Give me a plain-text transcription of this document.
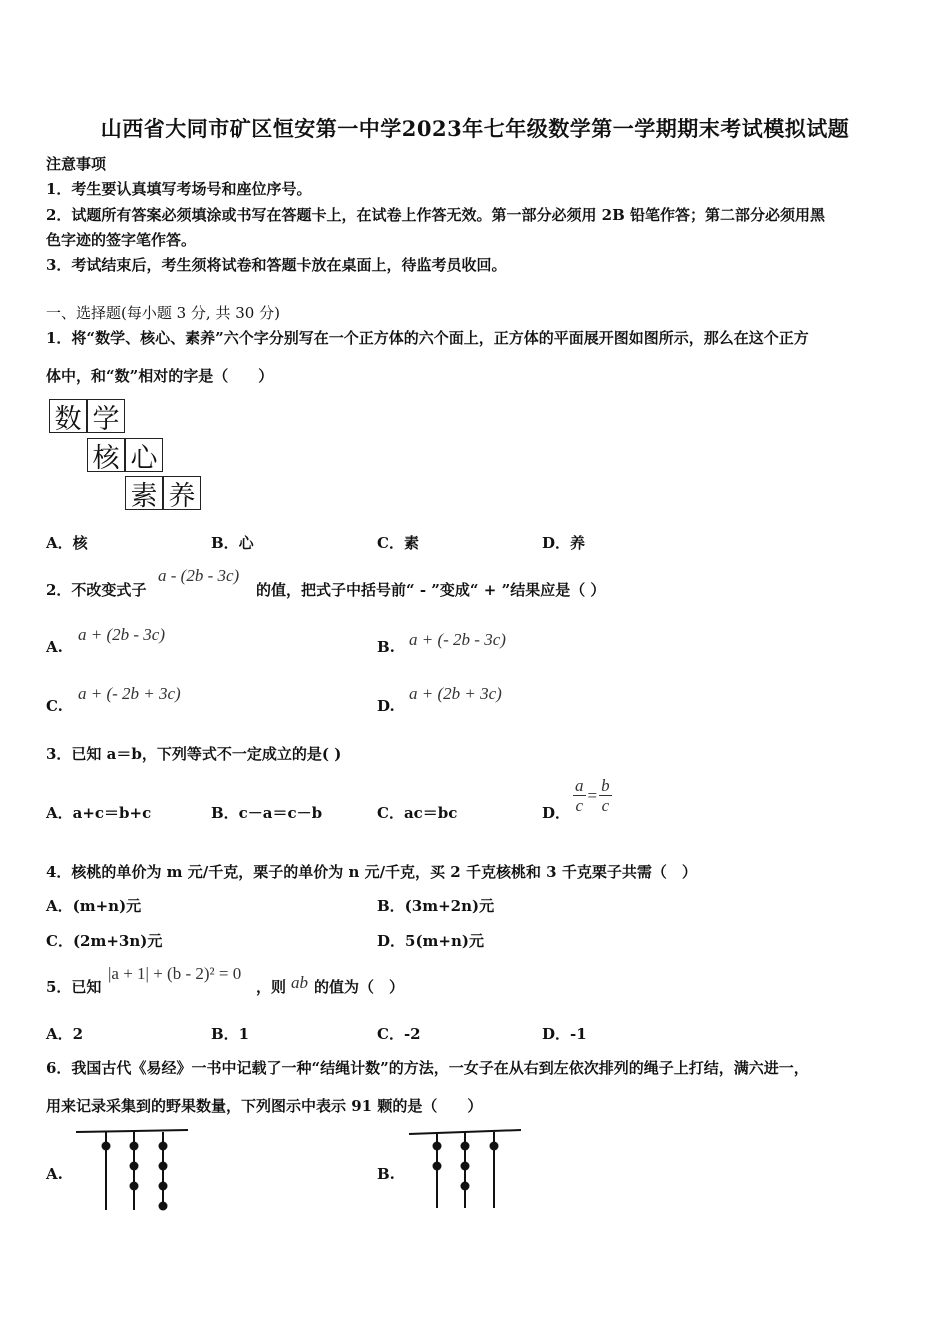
山西省大同市矿区恒安第一中学2023年七年级数学第一学期期末考试模拟试题
注意事项
1．考生要认真填写考场号和座位序号。
2．试题所有答案必须填涂或书写在答题卡上，在试卷上作答无效。第一部分必须用 2B 铅笔作答；第二部分必须用黑
色字迹的签字笔作答。
3．考试结束后，考生须将试卷和答题卡放在桌面上，待监考员收回。
一、选择题(每小题 3 分, 共 30 分)
1．将“数学、核心、素养”六个字分别写在一个正方体的六个面上，正方体的平面展开图如图所示，那么在这个正方
体中，和“数”相对的字是（　　）
数 学
核 心
素 养
A．核	B．心	C．素	D．养
2．不改变式子
a - (2b - 3c)
的值，把式子中括号前“ - ”变成“ + ”结果应是（ ）
A.
a + (2b - 3c)
B. a + (- 2b - 3c)
C.
a + (- 2b + 3c)
D.
a + (2b + 3c)
3．已知 a＝b，下列等式不一定成立的是( )
A．a+c＝b+c	B．c－a＝c－b	C．ac＝bc	D． $\frac{a}{c} = \frac{b}{c}$
4．核桃的单价为 m 元/千克，栗子的单价为 n 元/千克，买 2 千克核桃和 3 千克栗子共需（　）
A．(m+n)元	B．(3m+2n)元
C．(2m+3n)元	D．5(m+n)元
5．已知
|a + 1| + (b - 2)² = 0
，则 ab 的值为（　）
A．2	B．1	C．-2	D．-1
6．我国古代《易经》一书中记载了一种“结绳计数”的方法，一女子在从右到左依次排列的绳子上打结，满六进一，
用来记录采集到的野果数量，下列图示中表示 91 颗的是（　　）
A.	B.
